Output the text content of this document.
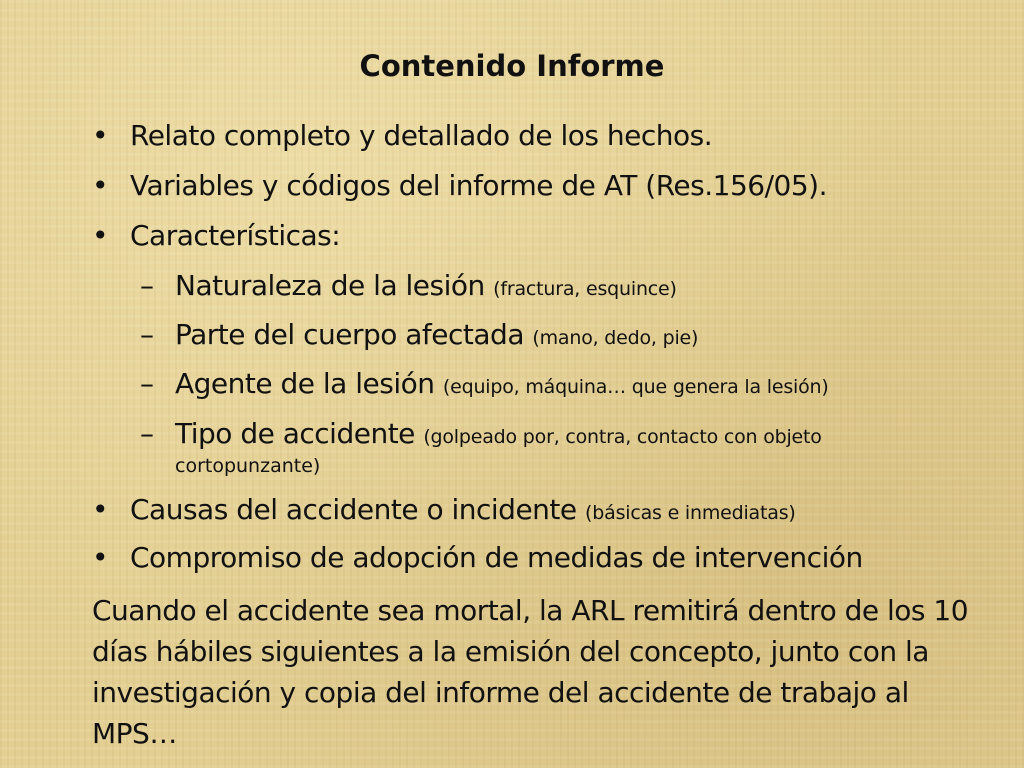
Contenido Informe
• Relato completo y detallado de los hechos.
• Variables y códigos del informe de AT (Res.156/05).
• Características:
– Naturaleza de la lesión (fractura, esquince)
– Parte del cuerpo afectada (mano, dedo, pie)
– Agente de la lesión (equipo, máquina… que genera la lesión)
– Tipo de accidente (golpeado por, contra, contacto con objeto
cortopunzante)
• Causas del accidente o incidente (básicas e inmediatas)
• Compromiso de adopción de medidas de intervención
Cuando el accidente sea mortal, la ARL remitirá dentro de los 10 días hábiles siguientes a la emisión del concepto, junto con la investigación y copia del informe del accidente de trabajo al MPS…
